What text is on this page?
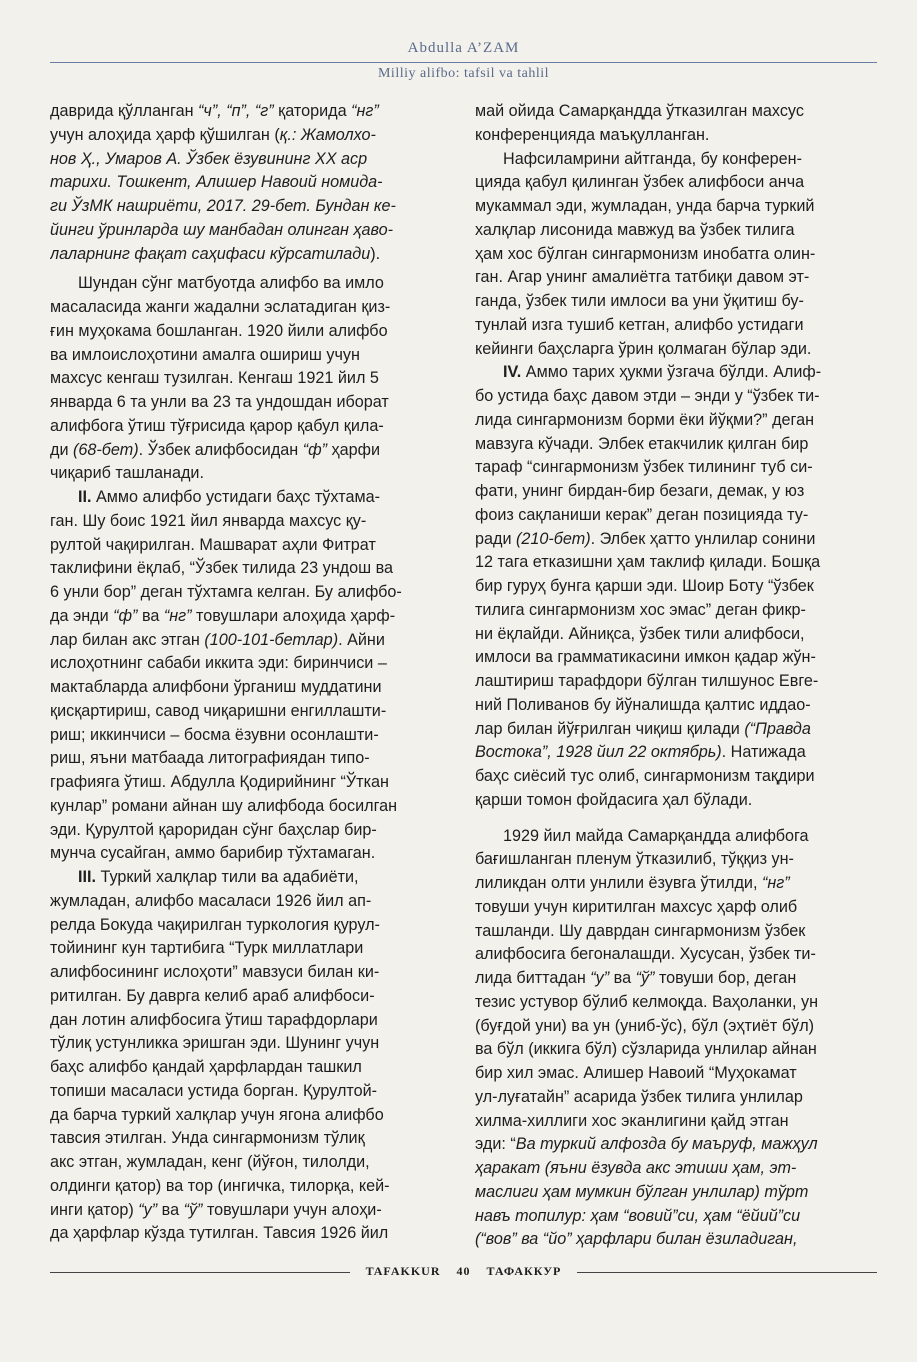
Abdulla A’ZAM
Milliy alifbo: tafsil va tahlil
даврида қўлланган “ч”, “п”, “г” қаторида “нг”
учун алоҳида ҳарф қўшилган (қ.: Жамолхо-
нов Ҳ., Умаров А. Ўзбек ёзувининг XX аср
тарихи. Тошкент, Алишер Навоий номида-
ги ЎзМК нашриёти, 2017. 29-бет. Бундан ке-
йинги ўринларда шу манбадан олинган ҳаво-
лаларнинг фақат саҳифаси кўрсатилади).
Шундан сўнг матбуотда алифбо ва имло
масаласида жанги жадални эслатадиган қиз-
ғин муҳокама бошланган. 1920 йили алифбо
ва имлоислоҳотини амалга ошириш учун
махсус кенгаш тузилган. Кенгаш 1921 йил 5
январда 6 та унли ва 23 та ундошдан иборат
алифбога ўтиш тўғрисида қарор қабул қила-
ди (68-бет). Ўзбек алифбосидан “ф” ҳарфи
чиқариб ташланади.
II. Аммо алифбо устидаги баҳс тўхтама-
ган. Шу боис 1921 йил январда махсус қу-
рултой чақирилган. Машварат аҳли Фитрат
таклифини ёқлаб, “Ўзбек тилида 23 ундош ва
6 унли бор” деган тўхтамга келган. Бу алифбо-
да энди “ф” ва “нг” товушлари алоҳида ҳарф-
лар билан акс этган (100-101-бетлар). Айни
ислоҳотнинг сабаби иккита эди: биринчиси –
мактабларда алифбони ўрганиш муддатини
қисқартириш, савод чиқаришни енгиллашти-
риш; иккинчиси – босма ёзувни осонлашти-
риш, яъни матбаада литографиядан типо-
графияга ўтиш. Абдулла Қодирийнинг “Ўткан
кунлар” романи айнан шу алифбода босилган
эди. Қурултой қароридан сўнг баҳслар бир-
мунча сусайган, аммо барибир тўхтамаган.
III. Туркий халқлар тили ва адабиёти,
жумладан, алифбо масаласи 1926 йил ап-
релда Бокуда чақирилган туркология қурул-
тойининг кун тартибига “Турк миллатлари
алифбосининг ислоҳоти” мавзуси билан ки-
ритилган. Бу даврга келиб араб алифбоси-
дан лотин алифбосига ўтиш тарафдорлари
тўлиқ устунликка эришган эди. Шунинг учун
баҳс алифбо қандай ҳарфлардан ташкил
топиши масаласи устида борган. Қурултой-
да барча туркий халқлар учун ягона алифбо
тавсия этилган. Унда сингармонизм тўлиқ
акс этган, жумладан, кенг (йўғон, тилолди,
олдинги қатор) ва тор (ингичка, тилорқа, кей-
инги қатор) “у” ва “ў” товушлари учун алоҳи-
да ҳарфлар кўзда тутилган. Тавсия 1926 йил
май ойида Самарқандда ўтказилган махсус
конференцияда маъқулланган.
Нафсиламрини айтганда, бу конферен-
цияда қабул қилинган ўзбек алифбоси анча
мукаммал эди, жумладан, унда барча туркий
халқлар лисонида мавжуд ва ўзбек тилига
ҳам хос бўлган сингармонизм инобатга олин-
ган. Агар унинг амалиётга татбиқи давом эт-
ганда, ўзбек тили имлоси ва уни ўқитиш бу-
тунлай изга тушиб кетган, алифбо устидаги
кейинги баҳсларга ўрин қолмаган бўлар эди.
IV. Аммо тарих ҳукми ўзгача бўлди. Алиф-
бо устида баҳс давом этди – энди у “ўзбек ти-
лида сингармонизм борми ёки йўқми?” деган
мавзуга кўчади. Элбек етакчилик қилган бир
тараф “сингармонизм ўзбек тилининг туб си-
фати, унинг бирдан-бир безаги, демак, у юз
фоиз сақланиши керак” деган позицияда ту-
ради (210-бет). Элбек ҳатто унлилар сонини
12 тага етказишни ҳам таклиф қилади. Бошқа
бир гуруҳ бунга қарши эди. Шоир Боту “ўзбек
тилига сингармонизм хос эмас” деган фикр-
ни ёқлайди. Айниқса, ўзбек тили алифбоси,
имлоси ва грамматикасини имкон қадар жўн-
лаштириш тарафдори бўлган тилшунос Евге-
ний Поливанов бу йўналишда қалтис иддао-
лар билан йўғрилган чиқиш қилади (“Правда
Востока”, 1928 йил 22 октябрь). Натижада
баҳс сиёсий тус олиб, сингармонизм тақдири
қарши томон фойдасига ҳал бўлади.
1929 йил майда Самарқандда алифбога
бағишланган пленум ўтказилиб, тўққиз ун-
лиликдан олти унлили ёзувга ўтилди, “нг”
товуши учун киритилган махсус ҳарф олиб
ташланди. Шу даврдан сингармонизм ўзбек
алифбосига бегоналашди. Хусусан, ўзбек ти-
лида биттадан “у” ва “ў” товуши бор, деган
тезис устувор бўлиб келмоқда. Ваҳоланки, ун
(буғдой уни) ва ун (униб-ўс), бўл (эҳтиёт бўл)
ва бўл (иккига бўл) сўзларида унлилар айнан
бир хил эмас. Алишер Навоий “Муҳокамат
ул-луғатайн” асарида ўзбек тилига унлилар
хилма-хиллиги хос эканлигини қайд этган
эди: “Ва туркий алфозда бу маъруф, мажҳул
ҳаракат (яъни ёзувда акс этиши ҳам, эт-
маслиги ҳам мумкин бўлган унлилар) тўрт
навъ топилур: ҳам “вовий”си, ҳам “ёйий”си
(“вов” ва “йо” ҳарфлари билан ёзиладиган,
TAFAKKUR 40 ТАФАККУР
